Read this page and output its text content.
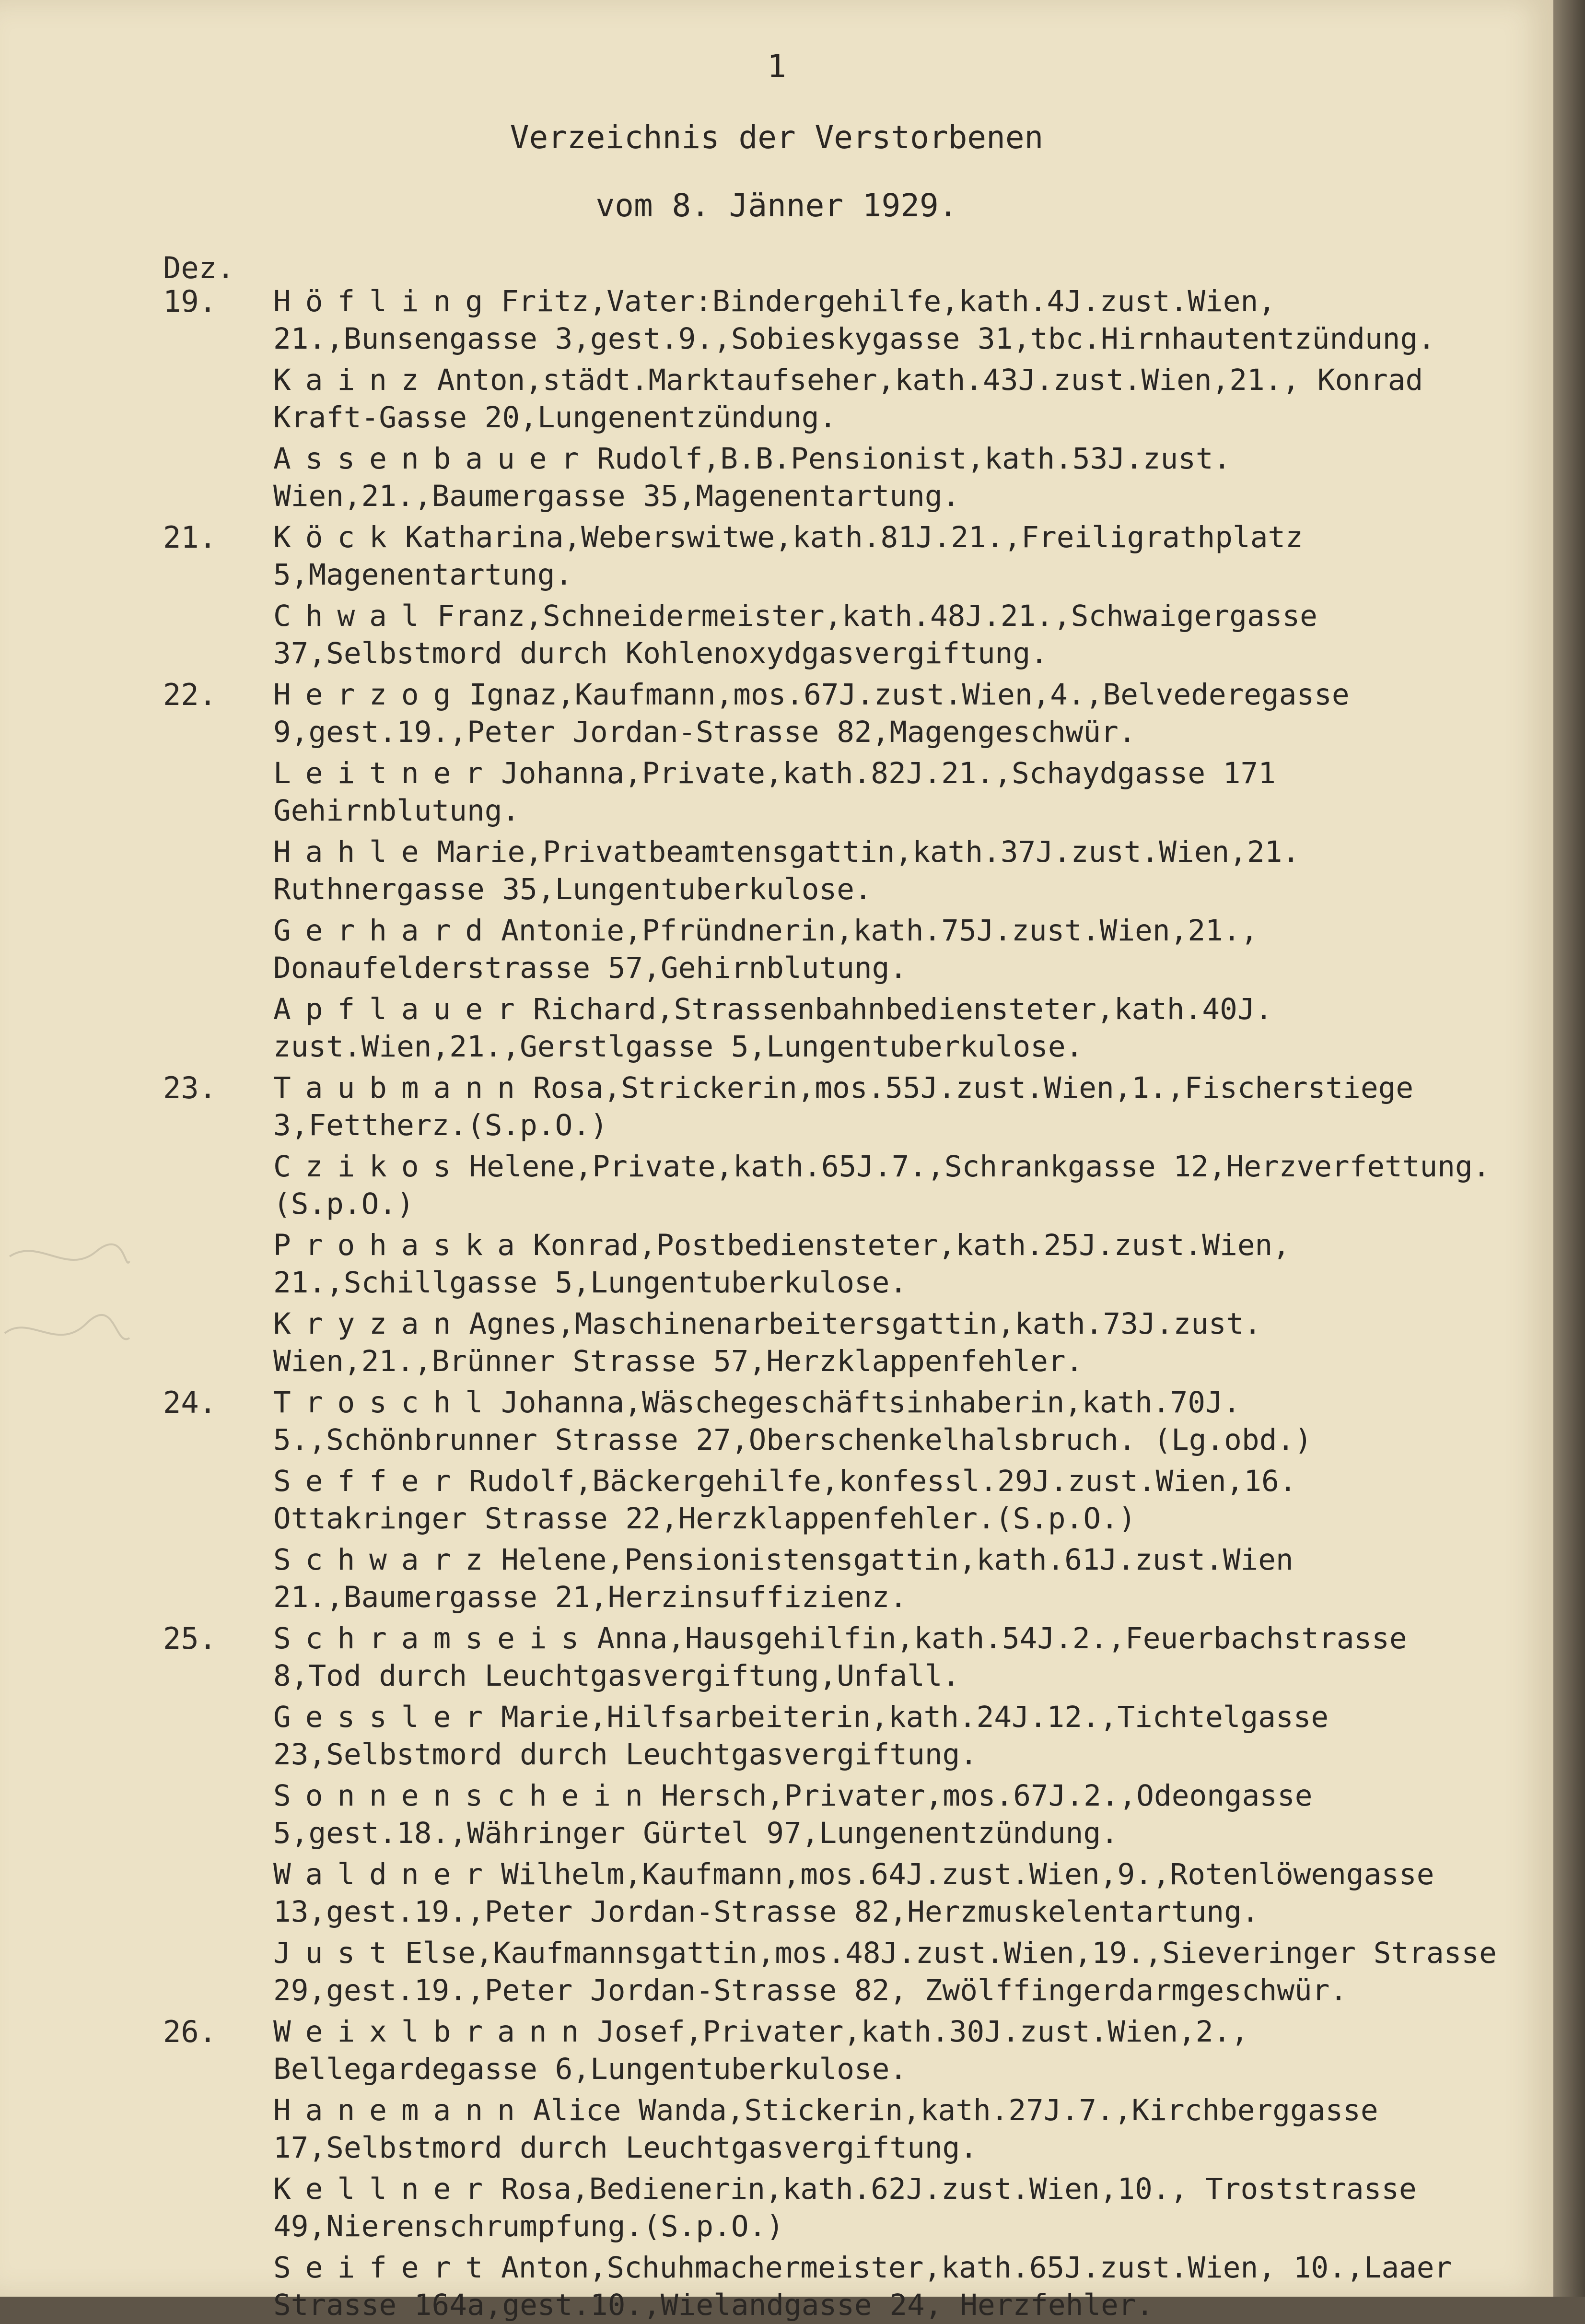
1
Verzeichnis der Verstorbenen
vom 8. Jänner 1929.
Dez.
19.	Höfling Fritz,Vater:Bindergehilfe,kath.4J.zust.Wien, 21.,Bunsengasse 3,gest.9.,Sobieskygasse 31,tbc.Hirnhautentzündung.
Kainz Anton,städt.Marktaufseher,kath.43J.zust.Wien,21., Konrad Kraft-Gasse 20,Lungenentzündung.
Assenbauer Rudolf,B.B.Pensionist,kath.53J.zust. Wien,21.,Baumergasse 35,Magenentartung.
21.	Köck Katharina,Weberswitwe,kath.81J.21.,Freiligrathplatz 5,Magenentartung.
Chwal Franz,Schneidermeister,kath.48J.21.,Schwaigergasse 37,Selbstmord durch Kohlenoxydgasvergiftung.
22.	Herzog Ignaz,Kaufmann,mos.67J.zust.Wien,4.,Belvederegasse 9,gest.19.,Peter Jordan-Strasse 82,Magengeschwür.
Leitner Johanna,Private,kath.82J.21.,Schaydgasse 171 Gehirnblutung.
Hahle Marie,Privatbeamtensgattin,kath.37J.zust.Wien,21. Ruthnergasse 35,Lungentuberkulose.
Gerhard Antonie,Pfründnerin,kath.75J.zust.Wien,21., Donaufelderstrasse 57,Gehirnblutung.
Apflauer Richard,Strassenbahnbediensteter,kath.40J. zust.Wien,21.,Gerstlgasse 5,Lungentuberkulose.
23.	Taubmann Rosa,Strickerin,mos.55J.zust.Wien,1.,Fischerstiege 3,Fettherz.(S.p.O.)
Czikos Helene,Private,kath.65J.7.,Schrankgasse 12,Herzverfettung.(S.p.O.)
Prohaska Konrad,Postbediensteter,kath.25J.zust.Wien, 21.,Schillgasse 5,Lungentuberkulose.
Kryzan Agnes,Maschinenarbeitersgattin,kath.73J.zust. Wien,21.,Brünner Strasse 57,Herzklappenfehler.
24.	Troschl Johanna,Wäschegeschäftsinhaberin,kath.70J. 5.,Schönbrunner Strasse 27,Oberschenkelhalsbruch. (Lg.obd.)
Seffer Rudolf,Bäckergehilfe,konfessl.29J.zust.Wien,16. Ottakringer Strasse 22,Herzklappenfehler.(S.p.O.)
Schwarz Helene,Pensionistensgattin,kath.61J.zust.Wien 21.,Baumergasse 21,Herzinsuffizienz.
25.	Schramseis Anna,Hausgehilfin,kath.54J.2.,Feuerbachstrasse 8,Tod durch Leuchtgasvergiftung,Unfall.
Gessler Marie,Hilfsarbeiterin,kath.24J.12.,Tichtelgasse 23,Selbstmord durch Leuchtgasvergiftung.
Sonnenschein Hersch,Privater,mos.67J.2.,Odeongasse 5,gest.18.,Währinger Gürtel 97,Lungenentzündung.
Waldner Wilhelm,Kaufmann,mos.64J.zust.Wien,9.,Rotenlöwengasse 13,gest.19.,Peter Jordan-Strasse 82,Herzmuskelentartung.
Just Else,Kaufmannsgattin,mos.48J.zust.Wien,19.,Sieveringer Strasse 29,gest.19.,Peter Jordan-Strasse 82, Zwölffingerdarmgeschwür.
26.	Weixlbrann Josef,Privater,kath.30J.zust.Wien,2., Bellegardegasse 6,Lungentuberkulose.
Hanemann Alice Wanda,Stickerin,kath.27J.7.,Kirchberggasse 17,Selbstmord durch Leuchtgasvergiftung.
Kellner Rosa,Bedienerin,kath.62J.zust.Wien,10., Troststrasse 49,Nierenschrumpfung.(S.p.O.)
Seifert Anton,Schuhmachermeister,kath.65J.zust.Wien, 10.,Laaer Strasse 164a,gest.10.,Wielandgasse 24, Herzfehler.
